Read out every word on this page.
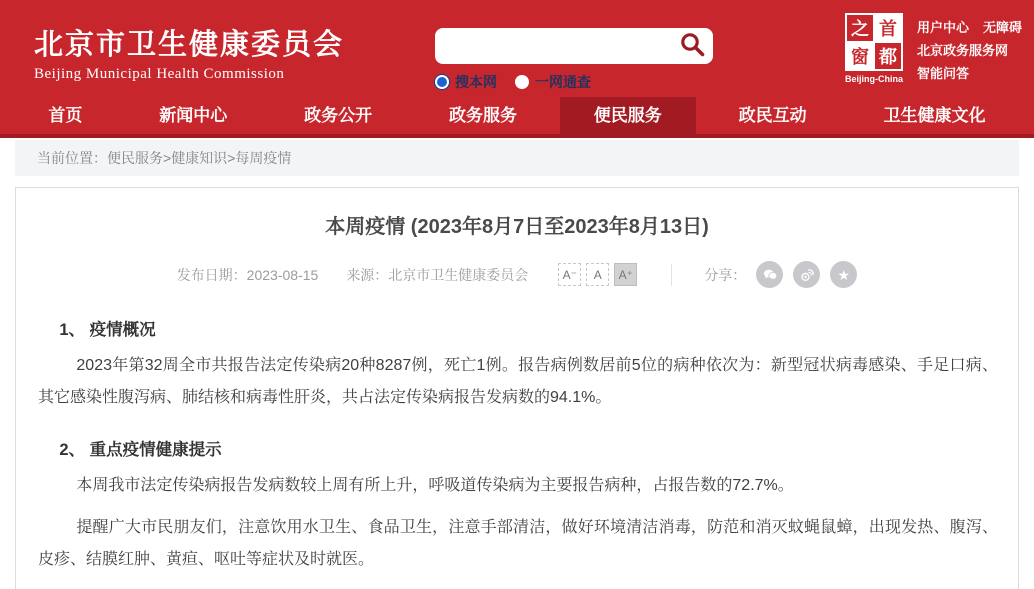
北京市卫生健康委员会
Beijing Municipal Health Commission	搜本网	一网通查
之 首
窗 都
Beijing-China
用户中心 无障碍
北京政务服务网
智能问答
首页	新闻中心	政务公开	政务服务	便民服务	政民互动	卫生健康文化
当前位置： 便民服务 > 健康知识 > 每周疫情
本周疫情 (2023年8月7日至2023年8月13日)
发布日期：2023-08-15 来源：北京市卫生健康委员会	A⁻	A	A⁺	分享：	★
1、 疫情概况

2023年第32周全市共报告法定传染病20种8287例，死亡1例。报告病例数居前5位的病种依次为：新型冠状病毒感染、手足口病、其它感染性腹泻病、肺结核和病毒性肝炎，共占法定传染病报告发病数的94.1%。

2、 重点疫情健康提示

本周我市法定传染病报告发病数较上周有所上升，呼吸道传染病为主要报告病种，占报告数的72.7%。

提醒广大市民朋友们，注意饮用水卫生、食品卫生，注意手部清洁，做好环境清洁消毒，防范和消灭蚊蝇鼠蟑，出现发热、腹泻、皮疹、结膜红肿、黄疸、呕吐等症状及时就医。
